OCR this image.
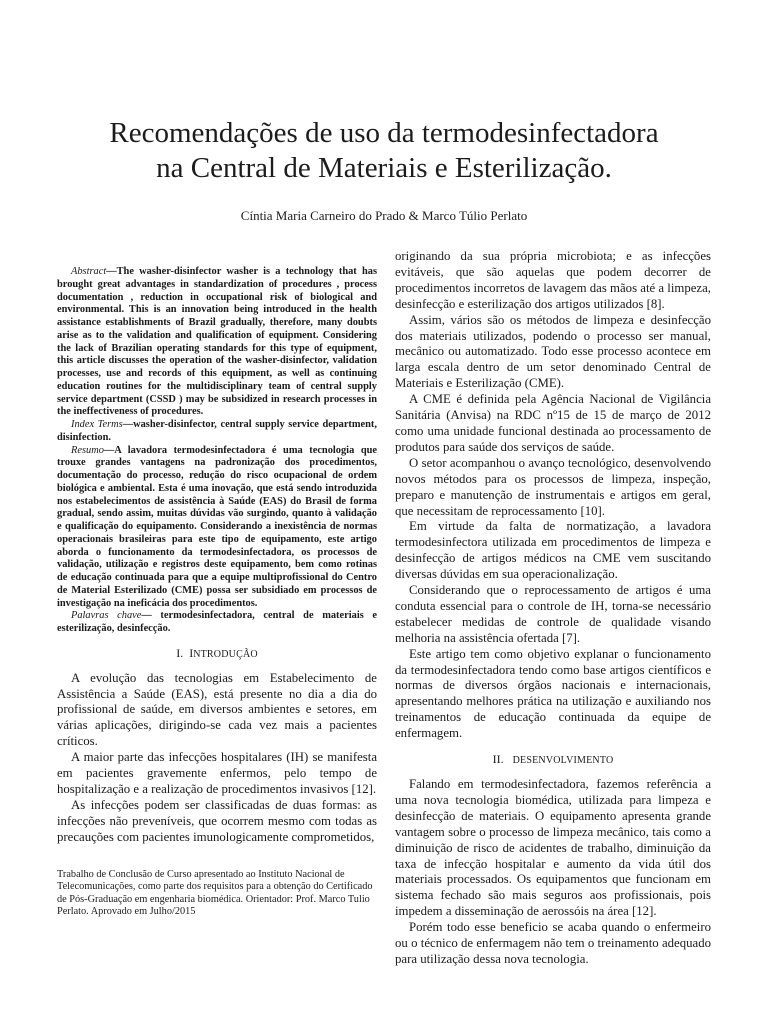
Recomendações de uso da termodesinfectadora
na Central de Materiais e Esterilização.
Cíntia Maria Carneiro do Prado & Marco Túlio Perlato

Abstract—The washer-disinfector washer is a technology that has brought great advantages in standardization of procedures , process documentation , reduction in occupational risk of biological and environmental. This is an innovation being introduced in the health assistance establishments of Brazil gradually, therefore, many doubts arise as to the validation and qualification of equipment. Considering the lack of Brazilian operating standards for this type of equipment, this article discusses the operation of the washer-disinfector, validation processes, use and records of this equipment, as well as continuing education routines for the multidisciplinary team of central supply service department (CSSD ) may be subsidized in research processes in the ineffectiveness of procedures.

Index Terms—washer-disinfector, central supply service department, disinfection.

Resumo—A lavadora termodesinfectadora é uma tecnologia que trouxe grandes vantagens na padronização dos procedimentos, documentação do processo, redução do risco ocupacional de ordem biológica e ambiental. Esta é uma inovação, que está sendo introduzida nos estabelecimentos de assistência à Saúde (EAS) do Brasil de forma gradual, sendo assim, muitas dúvidas vão surgindo, quanto à validação e qualificação do equipamento. Considerando a inexistência de normas operacionais brasileiras para este tipo de equipamento, este artigo aborda o funcionamento da termodesinfectadora, os processos de validação, utilização e registros deste equipamento, bem como rotinas de educação continuada para que a equipe multiprofissional do Centro de Material Esterilizado (CME) possa ser subsidiado em processos de investigação na ineficácia dos procedimentos.

Palavras chave— termodesinfectadora, central de materiais e esterilização, desinfecção.

I. INTRODUÇÃO

A evolução das tecnologias em Estabelecimento de Assistência a Saúde (EAS), está presente no dia a dia do profissional de saúde, em diversos ambientes e setores, em várias aplicações, dirigindo-se cada vez mais a pacientes críticos.

A maior parte das infecções hospitalares (IH) se manifesta em pacientes gravemente enfermos, pelo tempo de hospitalização e a realização de procedimentos invasivos [12].

As infecções podem ser classificadas de duas formas: as infecções não preveníveis, que ocorrem mesmo com todas as precauções com pacientes imunologicamente comprometidos,

Trabalho de Conclusão de Curso apresentado ao Instituto Nacional de Telecomunicações, como parte dos requisitos para a obtenção do Certificado de Pós-Graduação em engenharia biomédica. Orientador: Prof. Marco Tulio Perlato. Aprovado em Julho/2015

originando da sua própria microbiota; e as infecções evitáveis, que são aquelas que podem decorrer de procedimentos incorretos de lavagem das mãos até a limpeza, desinfecção e esterilização dos artigos utilizados [8].

Assim, vários são os métodos de limpeza e desinfecção dos materiais utilizados, podendo o processo ser manual, mecânico ou automatizado. Todo esse processo acontece em larga escala dentro de um setor denominado Central de Materiais e Esterilização (CME).

A CME é definida pela Agência Nacional de Vigilância Sanitária (Anvisa) na RDC nº15 de 15 de março de 2012 como uma unidade funcional destinada ao processamento de produtos para saúde dos serviços de saúde.

O setor acompanhou o avanço tecnológico, desenvolvendo novos métodos para os processos de limpeza, inspeção, preparo e manutenção de instrumentais e artigos em geral, que necessitam de reprocessamento [10].

Em virtude da falta de normatização, a lavadora termodesinfectora utilizada em procedimentos de limpeza e desinfecção de artigos médicos na CME vem suscitando diversas dúvidas em sua operacionalização.

Considerando que o reprocessamento de artigos é uma conduta essencial para o controle de IH, torna-se necessário estabelecer medidas de controle de qualidade visando melhoria na assistência ofertada [7].

Este artigo tem como objetivo explanar o funcionamento da termodesinfectadora tendo como base artigos científicos e normas de diversos órgãos nacionais e internacionais, apresentando melhores prática na utilização e auxiliando nos treinamentos de educação continuada da equipe de enfermagem.

II. DESENVOLVIMENTO

Falando em termodesinfectadora, fazemos referência a uma nova tecnologia biomédica, utilizada para limpeza e desinfecção de materiais. O equipamento apresenta grande vantagem sobre o processo de limpeza mecânico, tais como a diminuição de risco de acidentes de trabalho, diminuição da taxa de infecção hospitalar e aumento da vida útil dos materiais processados. Os equipamentos que funcionam em sistema fechado são mais seguros aos profissionais, pois impedem a disseminação de aerossóis na área [12].

Porém todo esse beneficio se acaba quando o enfermeiro ou o técnico de enfermagem não tem o treinamento adequado para utilização dessa nova tecnologia.
